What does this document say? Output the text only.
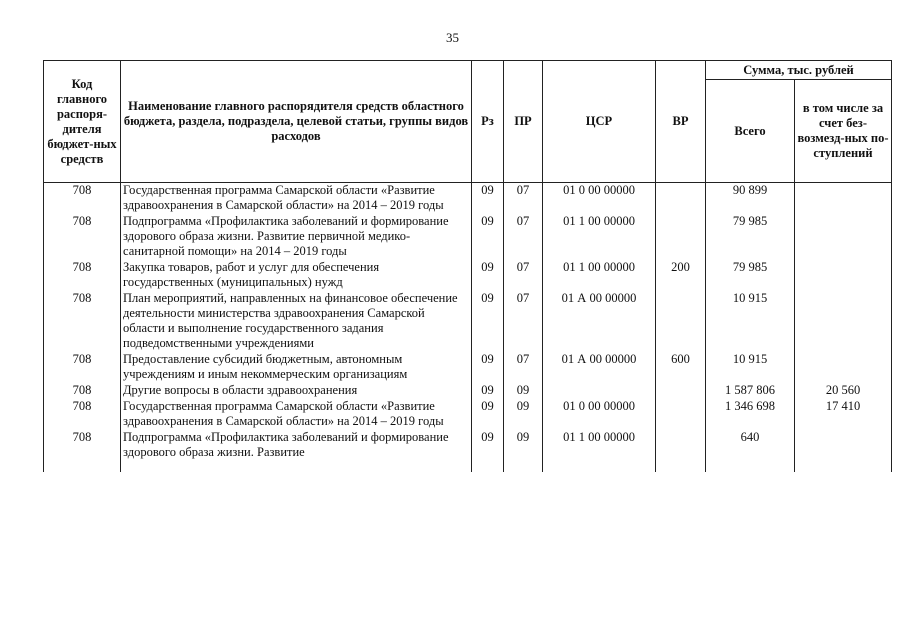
35
Код главного распоря-дителя бюджет-ных средств	Наименование главного распорядителя средств областного бюджета, раздела, подраздела, целевой статьи, группы видов расходов	Рз	ПР	ЦСР	ВР	Сумма, тыс. рублей	
						Всего	в том числе за счет без-возмезд-ных по-ступлений
708	Государственная программа Самарской области «Развитие здравоохранения в Самарской области» на 2014 – 2019 годы	09	07	01 0 00 00000		90 899	
708	Подпрограмма «Профилактика заболеваний и формирование здорового образа жизни. Развитие первичной медико-санитарной помощи» на 2014 – 2019 годы	09	07	01 1 00 00000		79 985	
708	Закупка товаров, работ и услуг для обеспечения государственных (муниципальных) нужд	09	07	01 1 00 00000	200	79 985	
708	План мероприятий, направленных на финансовое обеспечение деятельности министерства здравоохранения Самарской области и выполнение государственного задания подведомственными учреждениями	09	07	01 А 00 00000		10 915	
708	Предоставление субсидий бюджетным, автономным учреждениям и иным некоммерческим организациям	09	07	01 А 00 00000	600	10 915	
708	Другие вопросы в области здравоохранения	09	09			1 587 806	20 560
708	Государственная программа Самарской области «Развитие здравоохранения в Самарской области» на 2014 – 2019 годы	09	09	01 0 00 00000		1 346 698	17 410
708	Подпрограмма «Профилактика заболеваний и формирование здорового образа жизни. Развитие	09	09	01 1 00 00000		640	
